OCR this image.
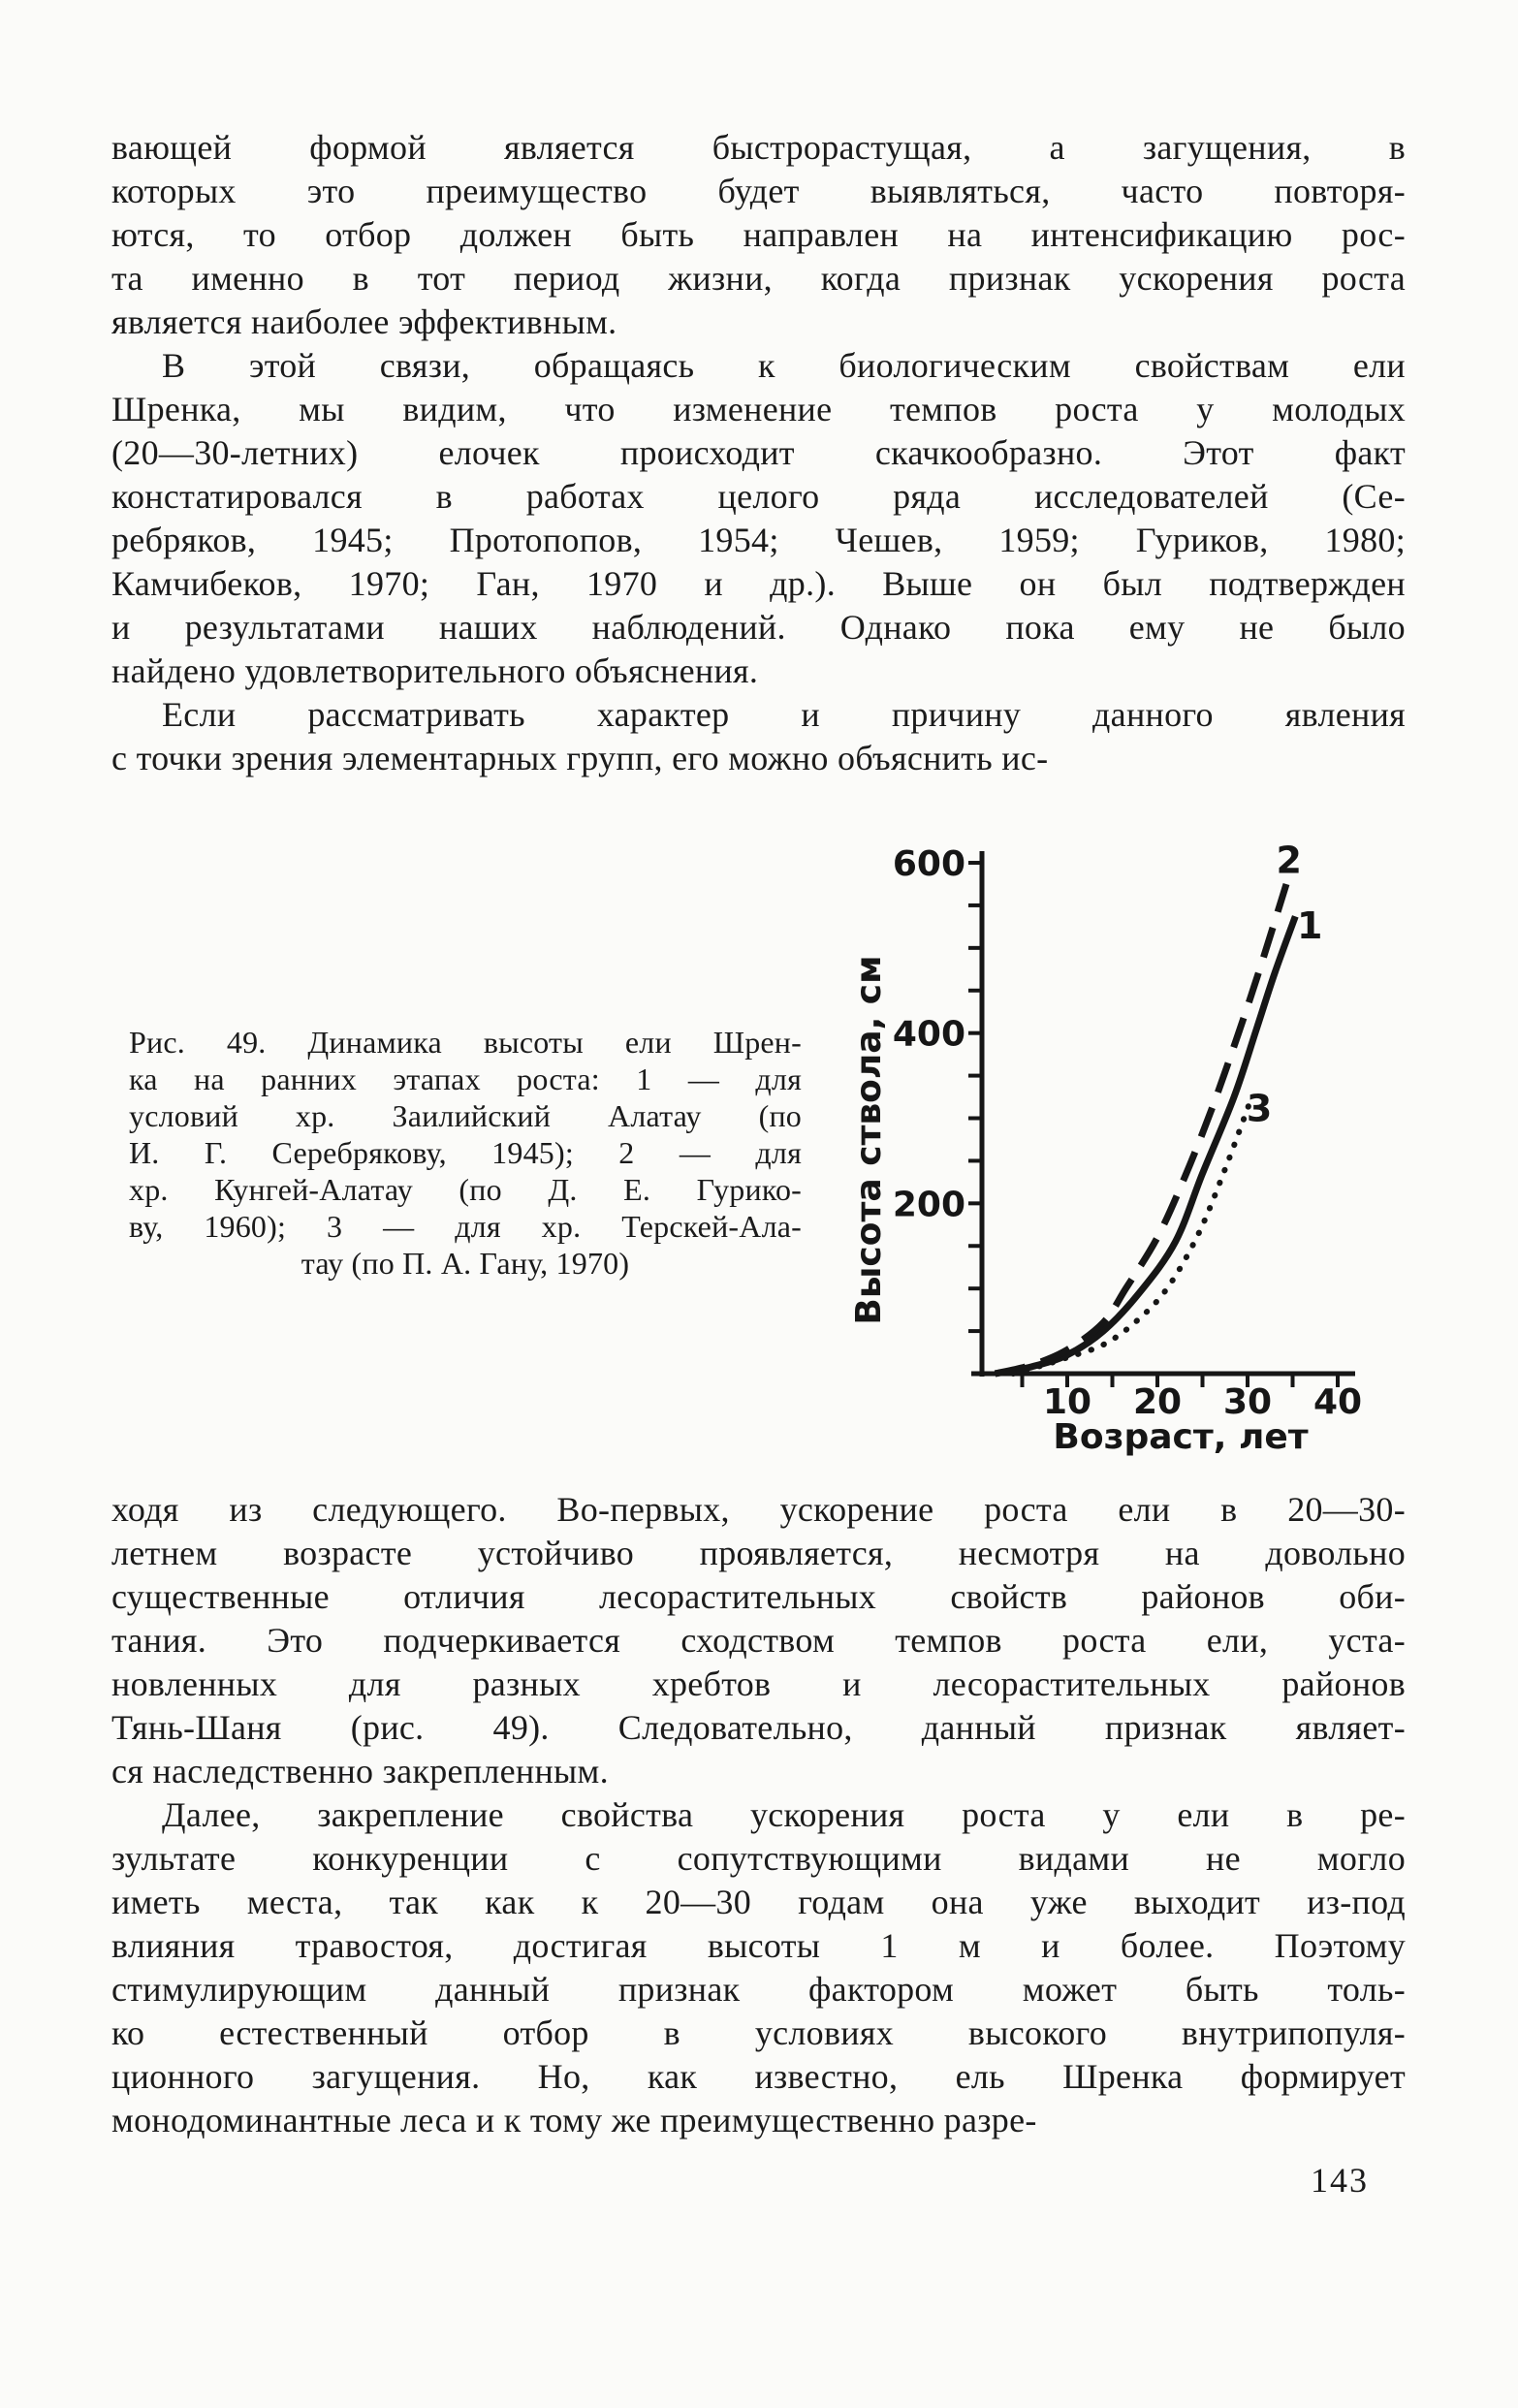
вающей формой является быстрорастущая, а загущения, в
которых это преимущество будет выявляться, часто повторя-
ются, то отбор должен быть направлен на интенсификацию рос-
та именно в тот период жизни, когда признак ускорения роста
является наиболее эффективным.
В этой связи, обращаясь к биологическим свойствам ели
Шренка, мы видим, что изменение темпов роста у молодых
(20—30-летних) елочек происходит скачкообразно. Этот факт
констатировался в работах целого ряда исследователей (Се-
ребряков, 1945; Протопопов, 1954; Чешев, 1959; Гуриков, 1980;
Камчибеков, 1970; Ган, 1970 и др.). Выше он был подтвержден
и результатами наших наблюдений. Однако пока ему не было
найдено удовлетворительного объяснения.
Если рассматривать характер и причину данного явления
с точки зрения элементарных групп, его можно объяснить ис-
200
400
600
10 20 30 40
Возраст, лет
Высота ствола, см
1
2
3
Рис. 49. Динамика высоты ели Шрен-
ка на ранних этапах роста: 1 — для
условий хр. Заилийский Алатау (по
И. Г. Серебрякову, 1945); 2 — для
хр. Кунгей-Алатау (по Д. Е. Гурико-
ву, 1960); 3 — для хр. Терскей-Ала-
тау (по П. А. Гану, 1970)
ходя из следующего. Во-первых, ускорение роста ели в 20—30-
летнем возрасте устойчиво проявляется, несмотря на довольно
существенные отличия лесорастительных свойств районов оби-
тания. Это подчеркивается сходством темпов роста ели, уста-
новленных для разных хребтов и лесорастительных районов
Тянь-Шаня (рис. 49). Следовательно, данный признак являет-
ся наследственно закрепленным.
Далее, закрепление свойства ускорения роста у ели в ре-
зультате конкуренции с сопутствующими видами не могло
иметь места, так как к 20—30 годам она уже выходит из-под
влияния травостоя, достигая высоты 1 м и более. Поэтому
стимулирующим данный признак фактором может быть толь-
ко естественный отбор в условиях высокого внутрипопуля-
ционного загущения. Но, как известно, ель Шренка формирует
монодоминантные леса и к тому же преимущественно разре-
143
